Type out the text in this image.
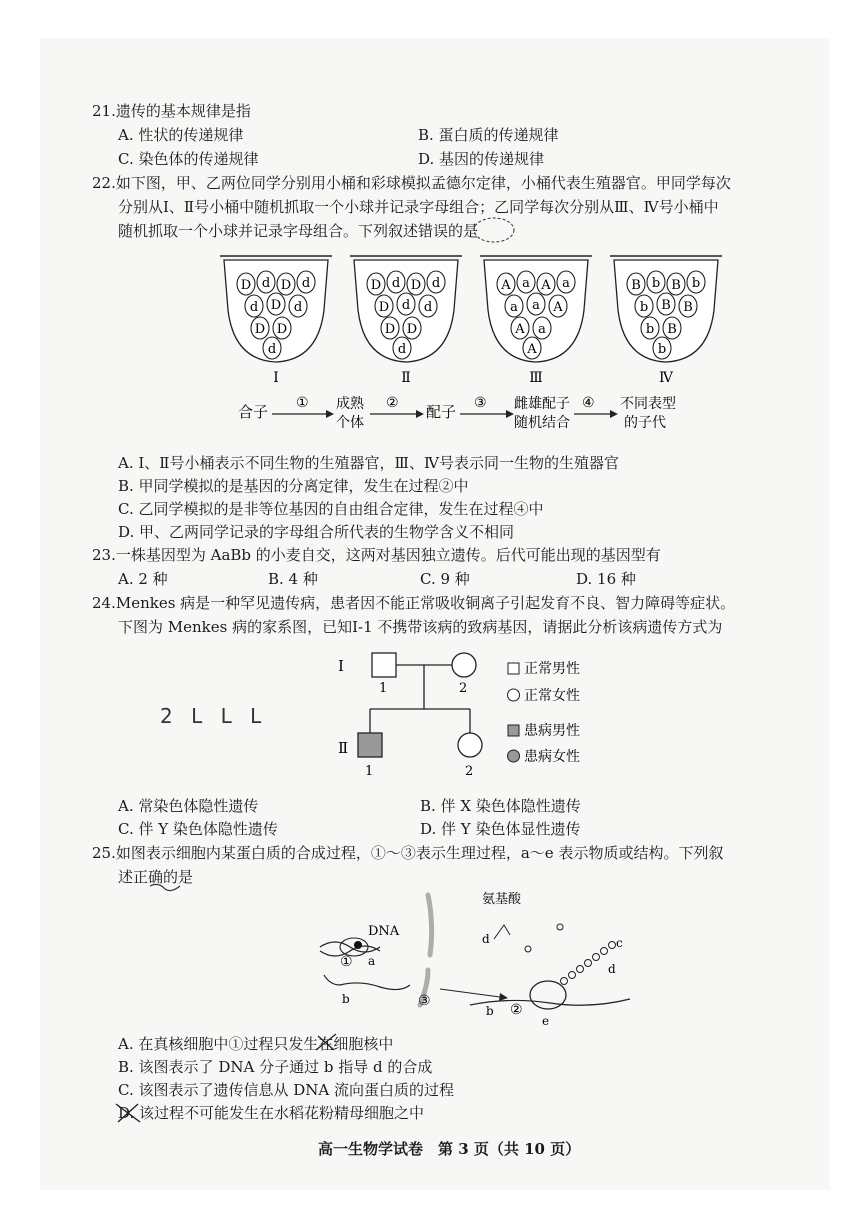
21.遗传的基本规律是指
A. 性状的传递规律	B. 蛋白质的传递规律
C. 染色体的传递规律	D. 基因的传递规律
22.如下图，甲、乙两位同学分别用小桶和彩球模拟孟德尔定律，小桶代表生殖器官。甲同学每次
分别从Ⅰ、Ⅱ号小桶中随机抓取一个小球并记录字母组合；乙同学每次分别从Ⅲ、Ⅳ号小桶中
随机抓取一个小球并记录字母组合。下列叙述错误的是
D d D d
d D d
D D
d
Ⅰ
D d D d
D d d
D D
d
Ⅱ
A a A a
a a A
A a
A
Ⅲ
B b B b
b B B
b B
b
Ⅳ
合子 ① 成熟
个体
② 配子 ③ 雌雄配子
随机结合
④ 不同表型
的子代
A. Ⅰ、Ⅱ号小桶表示不同生物的生殖器官，Ⅲ、Ⅳ号表示同一生物的生殖器官
B. 甲同学模拟的是基因的分离定律，发生在过程②中
C. 乙同学模拟的是非等位基因的自由组合定律，发生在过程④中
D. 甲、乙两同学记录的字母组合所代表的生物学含义不相同
23.一株基因型为 AaBb 的小麦自交，这两对基因独立遗传。后代可能出现的基因型有
A. 2 种	B. 4 种	C. 9 种	D. 16 种
24.Menkes 病是一种罕见遗传病，患者因不能正常吸收铜离子引起发育不良、智力障碍等症状。
下图为 Menkes 病的家系图，已知Ⅰ-1 不携带该病的致病基因，请据此分析该病遗传方式为
Ⅰ
1	2
Ⅱ
1	2
正常男性
正常女性
患病男性
患病女性
2 L L L
A. 常染色体隐性遗传	B. 伴 X 染色体隐性遗传
C. 伴 Y 染色体隐性遗传	D. 伴 Y 染色体显性遗传
25.如图表示细胞内某蛋白质的合成过程，①～③表示生理过程，a～e 表示物质或结构。下列叙
述正确的是
DNA
① a
b	③
氨基酸
d
b ②
e
c
d
A. 在真核细胞中①过程只发生在细胞核中
B. 该图表示了 DNA 分子通过 b 指导 d 的合成
C. 该图表示了遗传信息从 DNA 流向蛋白质的过程
D. 该过程不可能发生在水稻花粉精母细胞之中
高一生物学试卷　第 3 页（共 10 页）
